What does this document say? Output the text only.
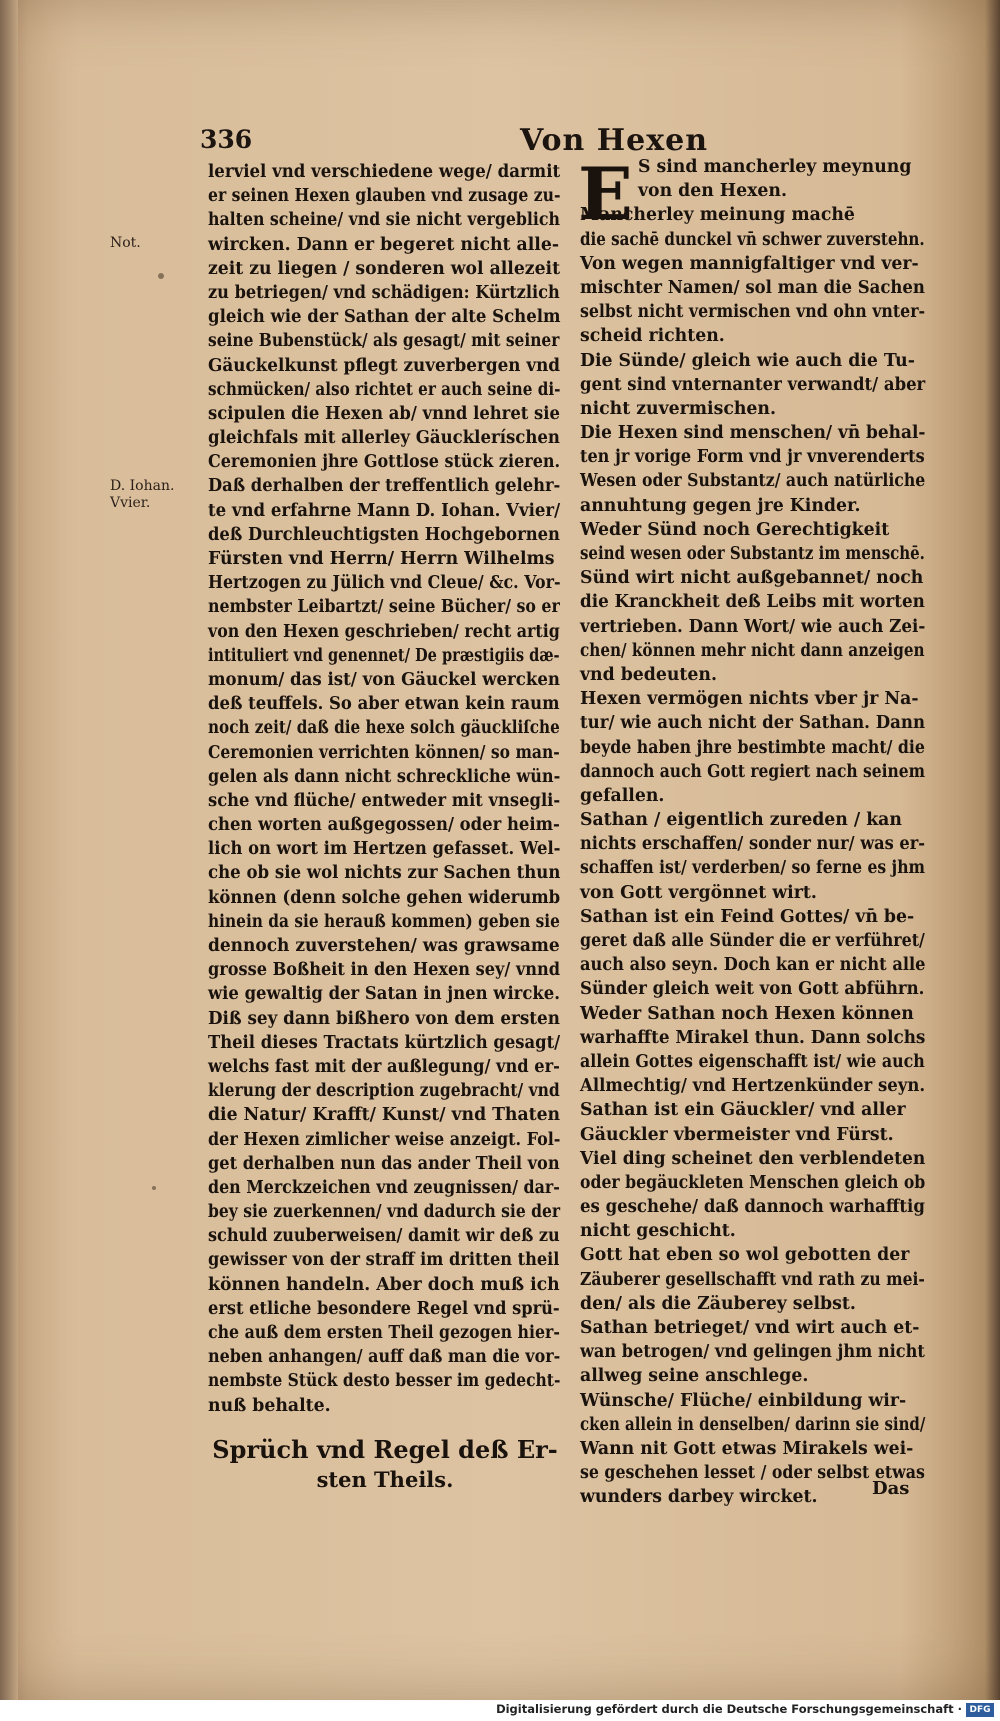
336	Von Hexen
Not.
D. Iohan.
Vvier.
lerviel vnd verschiedene wege/ darmit
er seinen Hexen glauben vnd zusage zu-
halten scheine/ vnd sie nicht vergeblich
wircken. Dann er begeret nicht alle-
zeit zu liegen / sonderen wol allezeit
zu betriegen/ vnd schädigen: Kürtzlich
gleich wie der Sathan der alte Schelm
seine Bubenstück/ als gesagt/ mit seiner
Gäuckelkunst pflegt zuverbergen vnd
schmücken/ also richtet er auch seine di-
scipulen die Hexen ab/ vnnd lehret sie
gleichfals mit allerley Gäuckleríschen
Ceremonien jhre Gottlose stück zieren.
Daß derhalben der treffentlich gelehr-
te vnd erfahrne Mann D. Iohan. Vvier/
deß Durchleuchtigsten Hochgebornen
Fürsten vnd Herrn/ Herrn Wilhelms
Hertzogen zu Jülich vnd Cleue/ &c. Vor-
nembster Leibartzt/ seine Bücher/ so er
von den Hexen geschrieben/ recht artig
intituliert vnd genennet/ De præstigiis dæ-
monum/ das ist/ von Gäuckel wercken
deß teuffels. So aber etwan kein raum
noch zeit/ daß die hexe solch gäuckliſche
Ceremonien verrichten können/ so man-
gelen als dann nicht schreckliche wün-
sche vnd flüche/ entweder mit vnsegli-
chen worten außgegossen/ oder heim-
lich on wort im Hertzen gefasset. Wel-
che ob sie wol nichts zur Sachen thun
können (denn solche gehen widerumb
hinein da sie herauß kommen) geben sie
dennoch zuverstehen/ was grawsame
grosse Boßheit in den Hexen sey/ vnnd
wie gewaltig der Satan in jnen wircke.
Diß sey dann bißhero von dem ersten
Theil dieses Tractats kürtzlich gesagt/
welchs fast mit der außlegung/ vnd er-
klerung der description zugebracht/ vnd
die Natur/ Krafft/ Kunst/ vnd Thaten
der Hexen zimlicher weise anzeigt. Fol-
get derhalben nun das ander Theil von
den Merckzeichen vnd zeugnissen/ dar-
bey sie zuerkennen/ vnd dadurch sie der
schuld zuuberweisen/ damit wir deß zu
gewisser von der straff im dritten theil
können handeln. Aber doch muß ich
erst etliche besondere Regel vnd sprü-
che auß dem ersten Theil gezogen hier-
neben anhangen/ auff daß man die vor-
nembste Stück desto besser im gedecht-
nuß behalte.
Sprüch vnd Regel deß Er-
sten Theils.
E S sind mancherley meynung
von den Hexen.
Mancherley meinung machē
die sachē dunckel vn̄ schwer zuverstehn.
Von wegen mannigfaltiger vnd ver-
mischter Namen/ sol man die Sachen
selbst nicht vermischen vnd ohn vnter-
scheid richten.
Die Sünde/ gleich wie auch die Tu-
gent sind vnternanter verwandt/ aber
nicht zuvermischen.
Die Hexen sind menschen/ vn̄ behal-
ten jr vorige Form vnd jr vnverenderts
Wesen oder Substantz/ auch natürliche
annuhtung gegen jre Kinder.
Weder Sünd noch Gerechtigkeit
seind wesen oder Substantz im menschē.
Sünd wirt nicht außgebannet/ noch
die Kranckheit deß Leibs mit worten
vertrieben. Dann Wort/ wie auch Zei-
chen/ können mehr nicht dann anzeigen
vnd bedeuten.
Hexen vermögen nichts vber jr Na-
tur/ wie auch nicht der Sathan. Dann
beyde haben jhre bestimbte macht/ die
dannoch auch Gott regiert nach seinem
gefallen.
Sathan / eigentlich zureden / kan
nichts erschaffen/ sonder nur/ was er-
schaffen ist/ verderben/ so ferne es jhm
von Gott vergönnet wirt.
Sathan ist ein Feind Gottes/ vn̄ be-
geret daß alle Sünder die er verführet/
auch also seyn. Doch kan er nicht alle
Sünder gleich weit von Gott abführn.
Weder Sathan noch Hexen können
warhaffte Mirakel thun. Dann solchs
allein Gottes eigenschafft ist/ wie auch
Allmechtig/ vnd Hertzenkünder seyn.
Sathan ist ein Gäuckler/ vnd aller
Gäuckler vbermeister vnd Fürst.
Viel ding scheinet den verblendeten
oder begäuckleten Menschen gleich ob
es geschehe/ daß dannoch warhafftig
nicht geschicht.
Gott hat eben so wol gebotten der
Zäuberer gesellschafft vnd rath zu mei-
den/ als die Zäuberey selbst.
Sathan betrieget/ vnd wirt auch et-
wan betrogen/ vnd gelingen jhm nicht
allweg seine anschlege.
Wünsche/ Flüche/ einbildung wir-
cken allein in denselben/ darinn sie sind/
Wann nit Gott etwas Mirakels wei-
se geschehen lesset / oder selbst etwas
wunders darbey wircket.	Das
Digitalisierung gefördert durch die Deutsche Forschungsgemeinschaft · DFG
